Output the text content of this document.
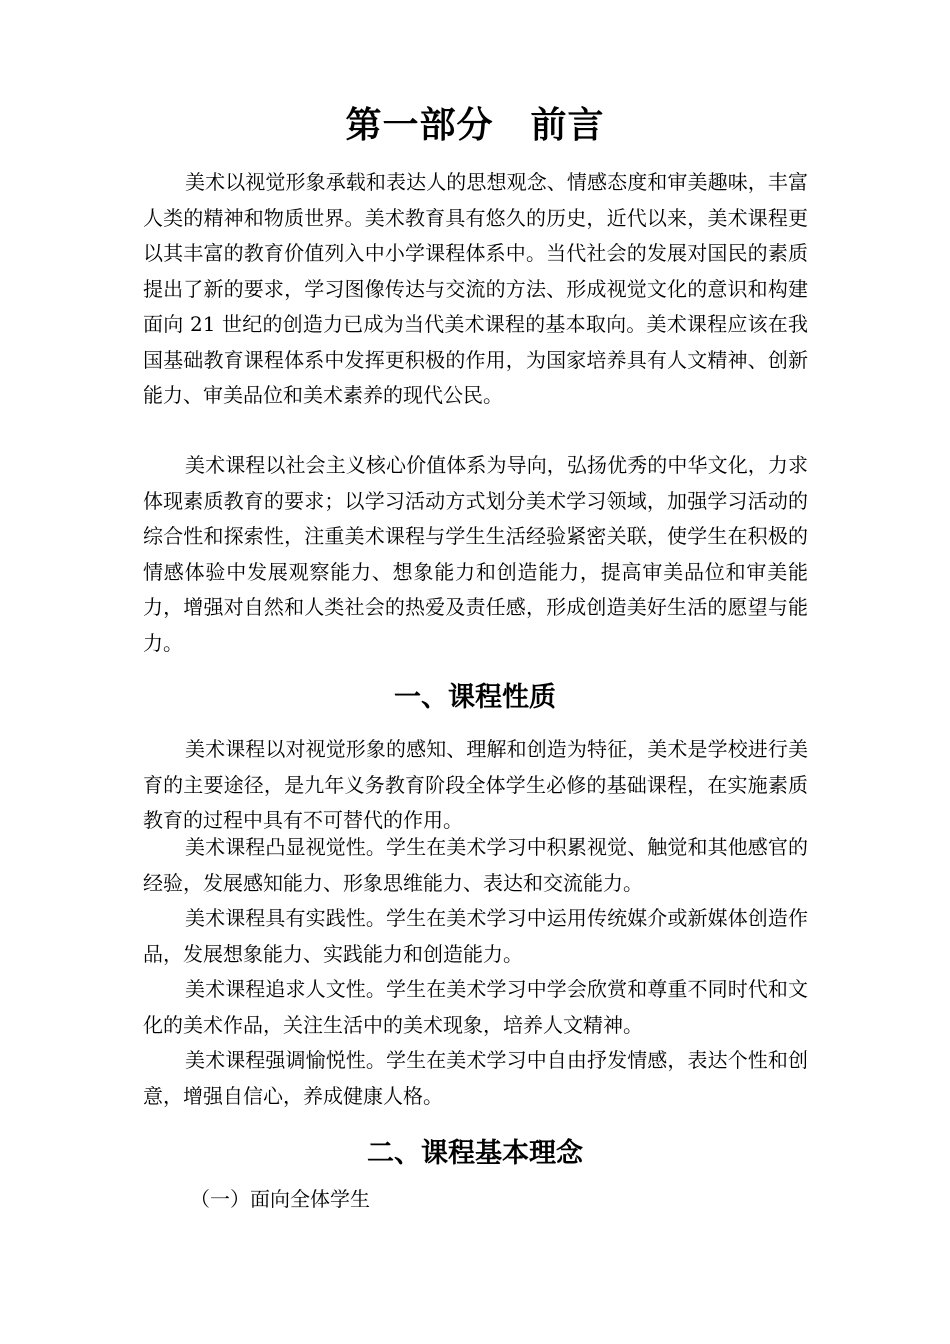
第一部分　前言

美术以视觉形象承载和表达人的思想观念、情感态度和审美趣味，丰富人类的精神和物质世界。美术教育具有悠久的历史，近代以来，美术课程更以其丰富的教育价值列入中小学课程体系中。当代社会的发展对国民的素质提出了新的要求，学习图像传达与交流的方法、形成视觉文化的意识和构建面向 21 世纪的创造力已成为当代美术课程的基本取向。美术课程应该在我国基础教育课程体系中发挥更积极的作用，为国家培养具有人文精神、创新能力、审美品位和美术素养的现代公民。

美术课程以社会主义核心价值体系为导向，弘扬优秀的中华文化，力求体现素质教育的要求；以学习活动方式划分美术学习领域，加强学习活动的综合性和探索性，注重美术课程与学生生活经验紧密关联，使学生在积极的情感体验中发展观察能力、想象能力和创造能力，提高审美品位和审美能力，增强对自然和人类社会的热爱及责任感，形成创造美好生活的愿望与能力。

一、课程性质

美术课程以对视觉形象的感知、理解和创造为特征，美术是学校进行美育的主要途径，是九年义务教育阶段全体学生必修的基础课程，在实施素质教育的过程中具有不可替代的作用。

美术课程凸显视觉性。学生在美术学习中积累视觉、触觉和其他感官的经验，发展感知能力、形象思维能力、表达和交流能力。

美术课程具有实践性。学生在美术学习中运用传统媒介或新媒体创造作品，发展想象能力、实践能力和创造能力。

美术课程追求人文性。学生在美术学习中学会欣赏和尊重不同时代和文化的美术作品，关注生活中的美术现象，培养人文精神。

美术课程强调愉悦性。学生在美术学习中自由抒发情感，表达个性和创意，增强自信心，养成健康人格。

二、课程基本理念

（一）面向全体学生
